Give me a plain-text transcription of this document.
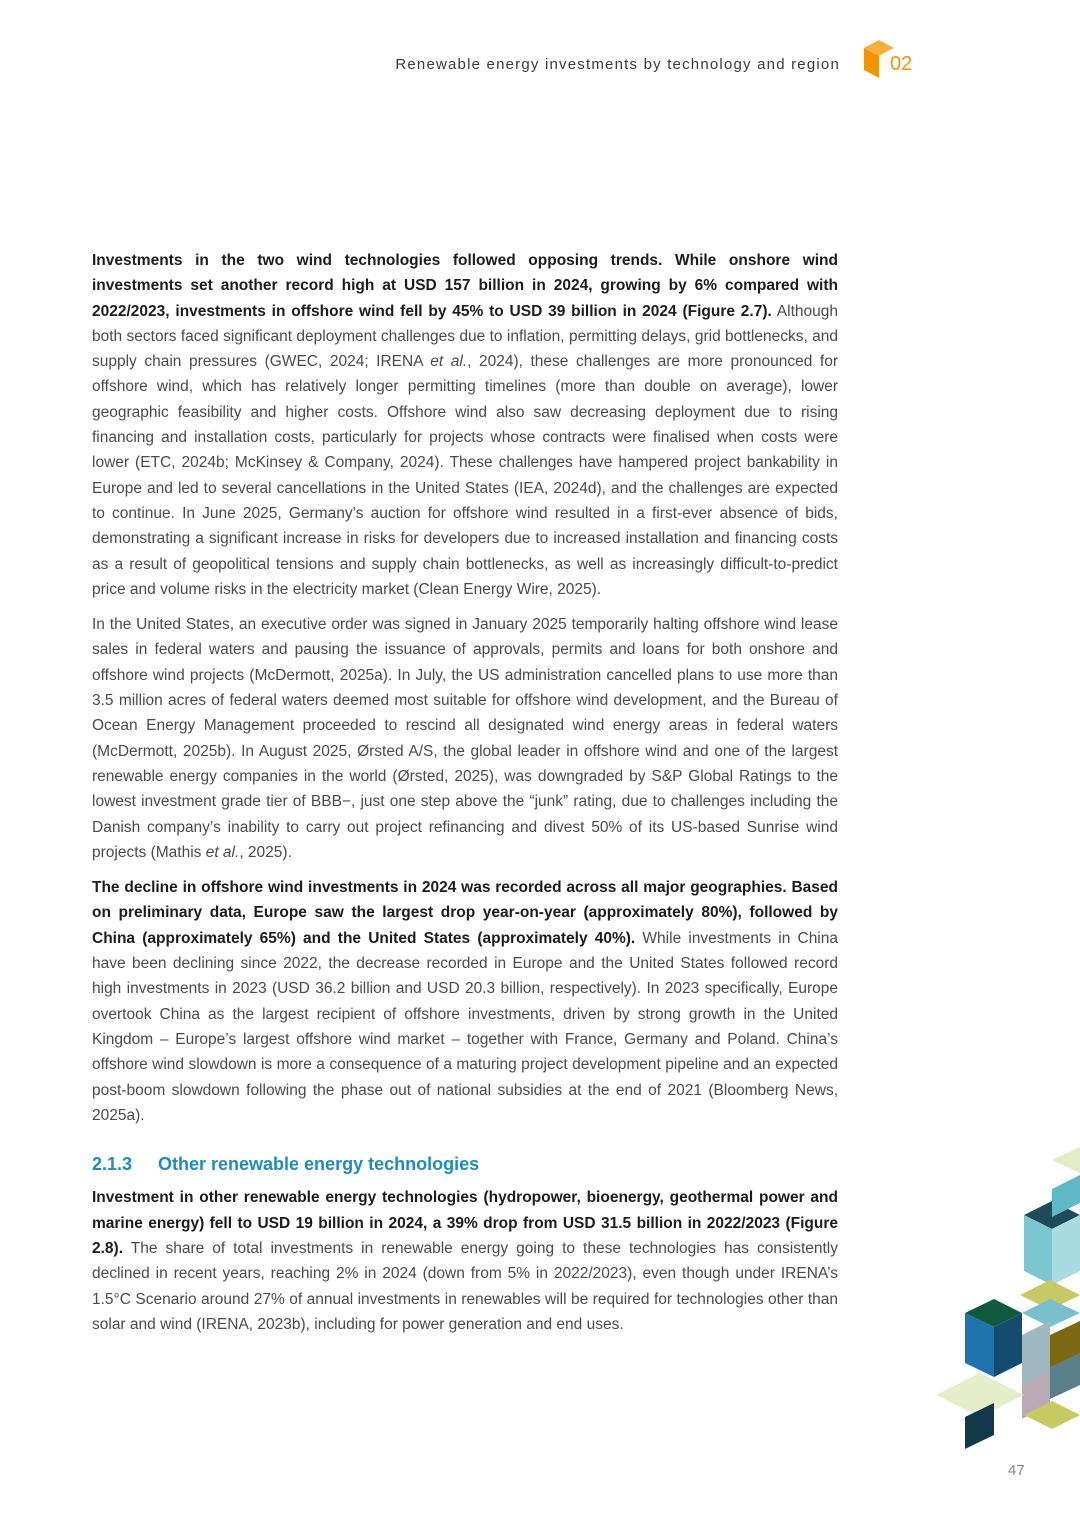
Renewable energy investments by technology and region	02

Investments in the two wind technologies followed opposing trends. While onshore wind investments set another record high at USD 157 billion in 2024, growing by 6% compared with 2022/2023, investments in offshore wind fell by 45% to USD 39 billion in 2024 (Figure 2.7). Although both sectors faced significant deployment challenges due to inflation, permitting delays, grid bottlenecks, and supply chain pressures (GWEC, 2024; IRENA et al., 2024), these challenges are more pronounced for offshore wind, which has relatively longer permitting timelines (more than double on average), lower geographic feasibility and higher costs. Offshore wind also saw decreasing deployment due to rising financing and installation costs, particularly for projects whose contracts were finalised when costs were lower (ETC, 2024b; McKinsey & Company, 2024). These challenges have hampered project bankability in Europe and led to several cancellations in the United States (IEA, 2024d), and the challenges are expected to continue. In June 2025, Germany’s auction for offshore wind resulted in a first-ever absence of bids, demonstrating a significant increase in risks for developers due to increased installation and financing costs as a result of geopolitical tensions and supply chain bottlenecks, as well as increasingly difficult-to-predict price and volume risks in the electricity market (Clean Energy Wire, 2025).

In the United States, an executive order was signed in January 2025 temporarily halting offshore wind lease sales in federal waters and pausing the issuance of approvals, permits and loans for both onshore and offshore wind projects (McDermott, 2025a). In July, the US administration cancelled plans to use more than 3.5 million acres of federal waters deemed most suitable for offshore wind development, and the Bureau of Ocean Energy Management proceeded to rescind all designated wind energy areas in federal waters (McDermott, 2025b). In August 2025, Ørsted A/S, the global leader in offshore wind and one of the largest renewable energy companies in the world (Ørsted, 2025), was downgraded by S&P Global Ratings to the lowest investment grade tier of BBB−, just one step above the “junk” rating, due to challenges including the Danish company’s inability to carry out project refinancing and divest 50% of its US-based Sunrise wind projects (Mathis et al., 2025).

The decline in offshore wind investments in 2024 was recorded across all major geographies. Based on preliminary data, Europe saw the largest drop year-on-year (approximately 80%), followed by China (approximately 65%) and the United States (approximately 40%). While investments in China have been declining since 2022, the decrease recorded in Europe and the United States followed record high investments in 2023 (USD 36.2 billion and USD 20.3 billion, respectively). In 2023 specifically, Europe overtook China as the largest recipient of offshore investments, driven by strong growth in the United Kingdom – Europe’s largest offshore wind market – together with France, Germany and Poland. China’s offshore wind slowdown is more a consequence of a maturing project development pipeline and an expected post-boom slowdown following the phase out of national subsidies at the end of 2021 (Bloomberg News, 2025a).

2.1.3 Other renewable energy technologies

Investment in other renewable energy technologies (hydropower, bioenergy, geothermal power and marine energy) fell to USD 19 billion in 2024, a 39% drop from USD 31.5 billion in 2022/2023 (Figure 2.8). The share of total investments in renewable energy going to these technologies has consistently declined in recent years, reaching 2% in 2024 (down from 5% in 2022/2023), even though under IRENA’s 1.5°C Scenario around 27% of annual investments in renewables will be required for technologies other than solar and wind (IRENA, 2023b), including for power generation and end uses.

47
